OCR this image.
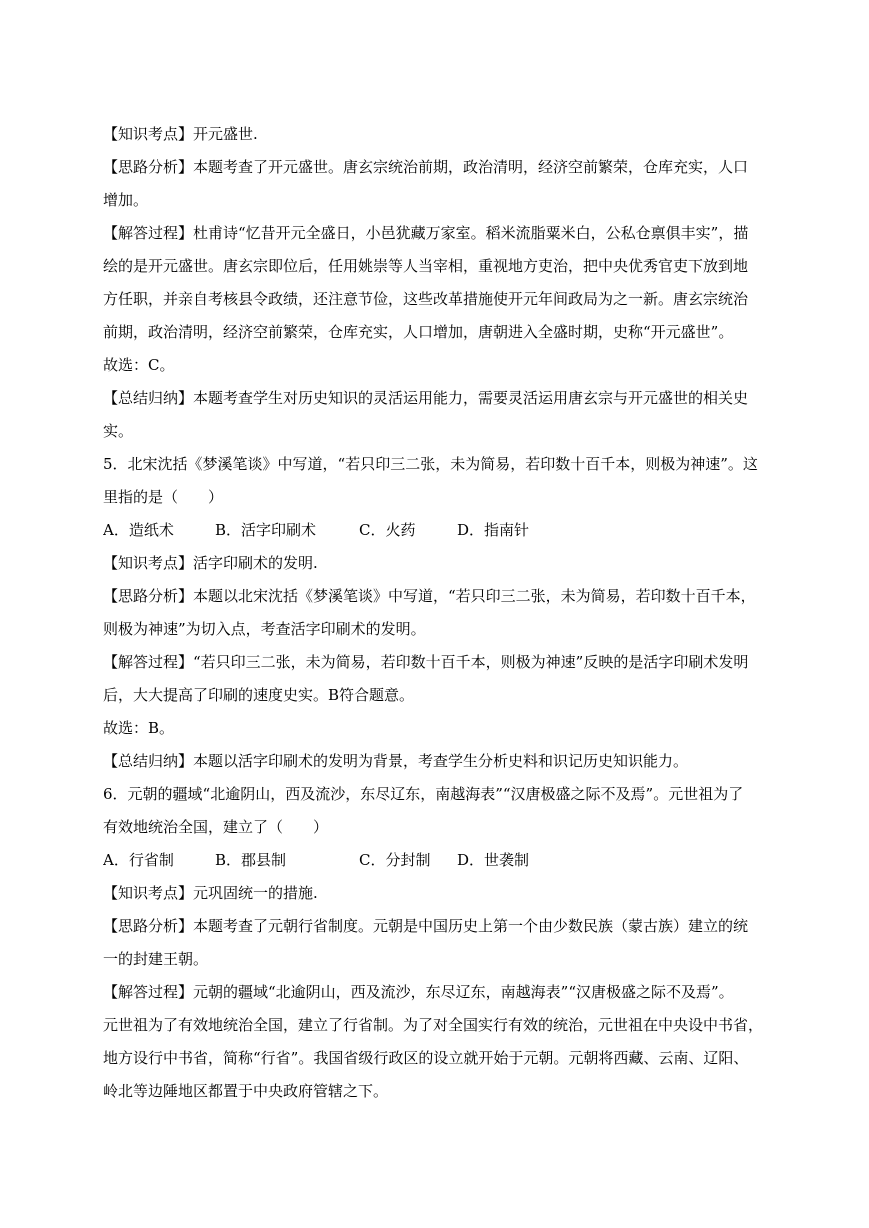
【知识考点】开元盛世.
【思路分析】本题考查了开元盛世。唐玄宗统治前期，政治清明，经济空前繁荣，仓库充实，人口
增加。
【解答过程】杜甫诗“忆昔开元全盛日，小邑犹藏万家室。稻米流脂粟米白，公私仓禀俱丰实”，描
绘的是开元盛世。唐玄宗即位后，任用姚崇等人当宰相，重视地方吏治，把中央优秀官吏下放到地
方任职，并亲自考核县令政绩，还注意节俭，这些改革措施使开元年间政局为之一新。唐玄宗统治
前期，政治清明，经济空前繁荣，仓库充实，人口增加，唐朝进入全盛时期，史称“开元盛世”。
故选：C。
【总结归纳】本题考查学生对历史知识的灵活运用能力，需要灵活运用唐玄宗与开元盛世的相关史
实。
5．北宋沈括《梦溪笔谈》中写道，“若只印三二张，未为简易，若印数十百千本，则极为神速”。这
里指的是（　　）
A．造纸术	B．活字印刷术	C．火药	D．指南针
【知识考点】活字印刷术的发明.
【思路分析】本题以北宋沈括《梦溪笔谈》中写道，“若只印三二张，未为简易，若印数十百千本，
则极为神速”为切入点，考查活字印刷术的发明。
【解答过程】“若只印三二张，未为简易，若印数十百千本，则极为神速”反映的是活字印刷术发明
后，大大提高了印刷的速度史实。B符合题意。
故选：B。
【总结归纳】本题以活字印刷术的发明为背景，考查学生分析史料和识记历史知识能力。
6．元朝的疆域“北逾阴山，西及流沙，东尽辽东，南越海表”“汉唐极盛之际不及焉”。元世祖为了
有效地统治全国，建立了（　　）
A．行省制	B．郡县制	C．分封制 D．世袭制
【知识考点】元巩固统一的措施.
【思路分析】本题考查了元朝行省制度。元朝是中国历史上第一个由少数民族（蒙古族）建立的统
一的封建王朝。
【解答过程】元朝的疆域“北逾阴山，西及流沙，东尽辽东，南越海表”“汉唐极盛之际不及焉”。
元世祖为了有效地统治全国，建立了行省制。为了对全国实行有效的统治，元世祖在中央设中书省，
地方设行中书省，简称“行省”。我国省级行政区的设立就开始于元朝。元朝将西藏、云南、辽阳、
岭北等边陲地区都置于中央政府管辖之下。
